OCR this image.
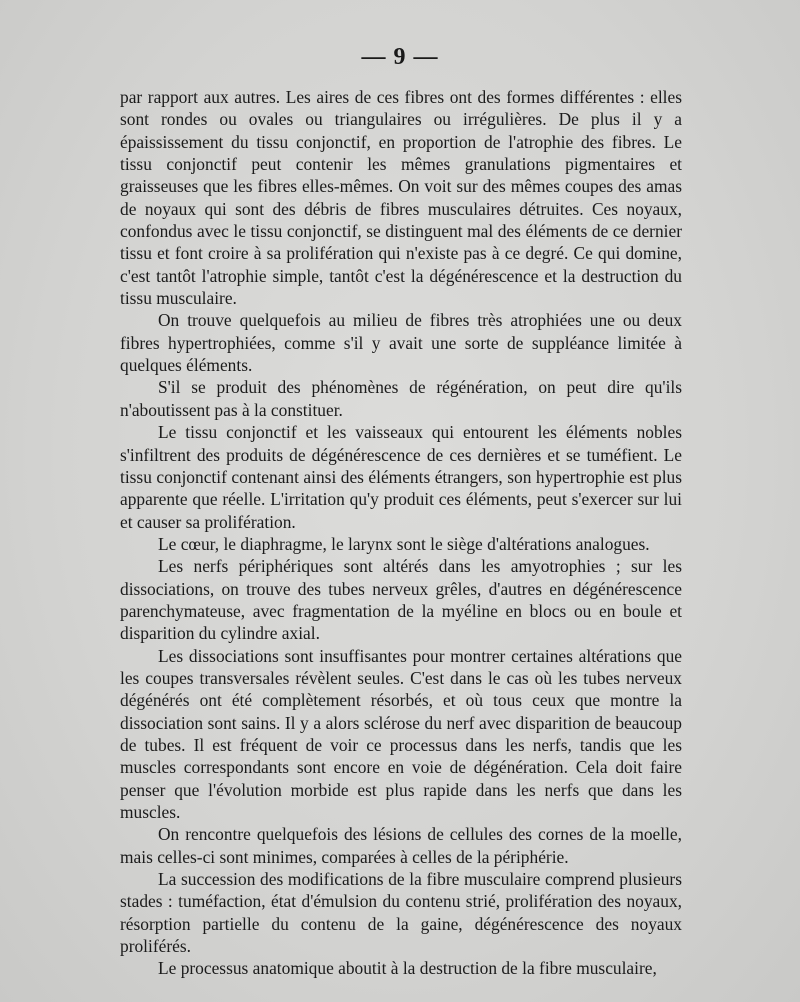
— 9 —

par rapport aux autres. Les aires de ces fibres ont des formes différentes : elles sont rondes ou ovales ou triangulaires ou irrégulières. De plus il y a épaississement du tissu conjonctif, en proportion de l'atrophie des fibres. Le tissu conjonctif peut contenir les mêmes granulations pigmentaires et graisseuses que les fibres elles-mêmes. On voit sur des mêmes coupes des amas de noyaux qui sont des débris de fibres musculaires détruites. Ces noyaux, confondus avec le tissu conjonctif, se distinguent mal des éléments de ce dernier tissu et font croire à sa prolifération qui n'existe pas à ce degré. Ce qui domine, c'est tantôt l'atrophie simple, tantôt c'est la dégénérescence et la destruction du tissu musculaire.

On trouve quelquefois au milieu de fibres très atrophiées une ou deux fibres hypertrophiées, comme s'il y avait une sorte de suppléance limitée à quelques éléments.

S'il se produit des phénomènes de régénération, on peut dire qu'ils n'aboutissent pas à la constituer.

Le tissu conjonctif et les vaisseaux qui entourent les éléments nobles s'infiltrent des produits de dégénérescence de ces dernières et se tuméfient. Le tissu conjonctif contenant ainsi des éléments étrangers, son hypertrophie est plus apparente que réelle. L'irritation qu'y produit ces éléments, peut s'exercer sur lui et causer sa prolifération.

Le cœur, le diaphragme, le larynx sont le siège d'altérations analogues.

Les nerfs périphériques sont altérés dans les amyotrophies ; sur les dissociations, on trouve des tubes nerveux grêles, d'autres en dégénérescence parenchymateuse, avec fragmentation de la myéline en blocs ou en boule et disparition du cylindre axial.

Les dissociations sont insuffisantes pour montrer certaines altérations que les coupes transversales révèlent seules. C'est dans le cas où les tubes nerveux dégénérés ont été complètement résorbés, et où tous ceux que montre la dissociation sont sains. Il y a alors sclérose du nerf avec disparition de beaucoup de tubes. Il est fréquent de voir ce processus dans les nerfs, tandis que les muscles correspondants sont encore en voie de dégénération. Cela doit faire penser que l'évolution morbide est plus rapide dans les nerfs que dans les muscles.

On rencontre quelquefois des lésions de cellules des cornes de la moelle, mais celles-ci sont minimes, comparées à celles de la périphérie.

La succession des modifications de la fibre musculaire comprend plusieurs stades : tuméfaction, état d'émulsion du contenu strié, prolifération des noyaux, résorption partielle du contenu de la gaine, dégénérescence des noyaux proliférés.

Le processus anatomique aboutit à la destruction de la fibre musculaire,
